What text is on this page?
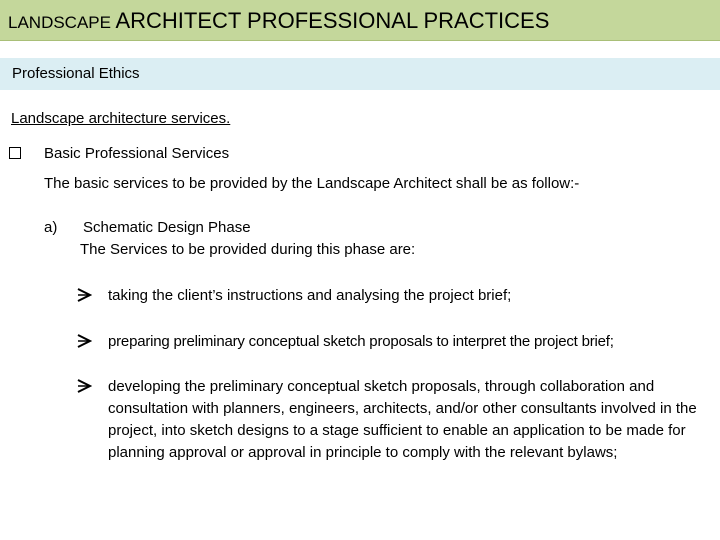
LANDSCAPE ARCHITECT PROFESSIONAL PRACTICES
Professional Ethics
Landscape architecture services.
Basic Professional Services
The basic services to be provided by the Landscape Architect shall be as follow:-
a) Schematic Design Phase
The Services to be provided during this phase are:
taking the client’s instructions and analysing the project brief;
preparing preliminary conceptual sketch proposals to interpret the project brief;
developing the preliminary conceptual sketch proposals, through collaboration and consultation with planners, engineers, architects, and/or other consultants involved in the project, into sketch designs to a stage sufficient to enable an application to be made for planning approval or approval in principle to comply with the relevant bylaws;
